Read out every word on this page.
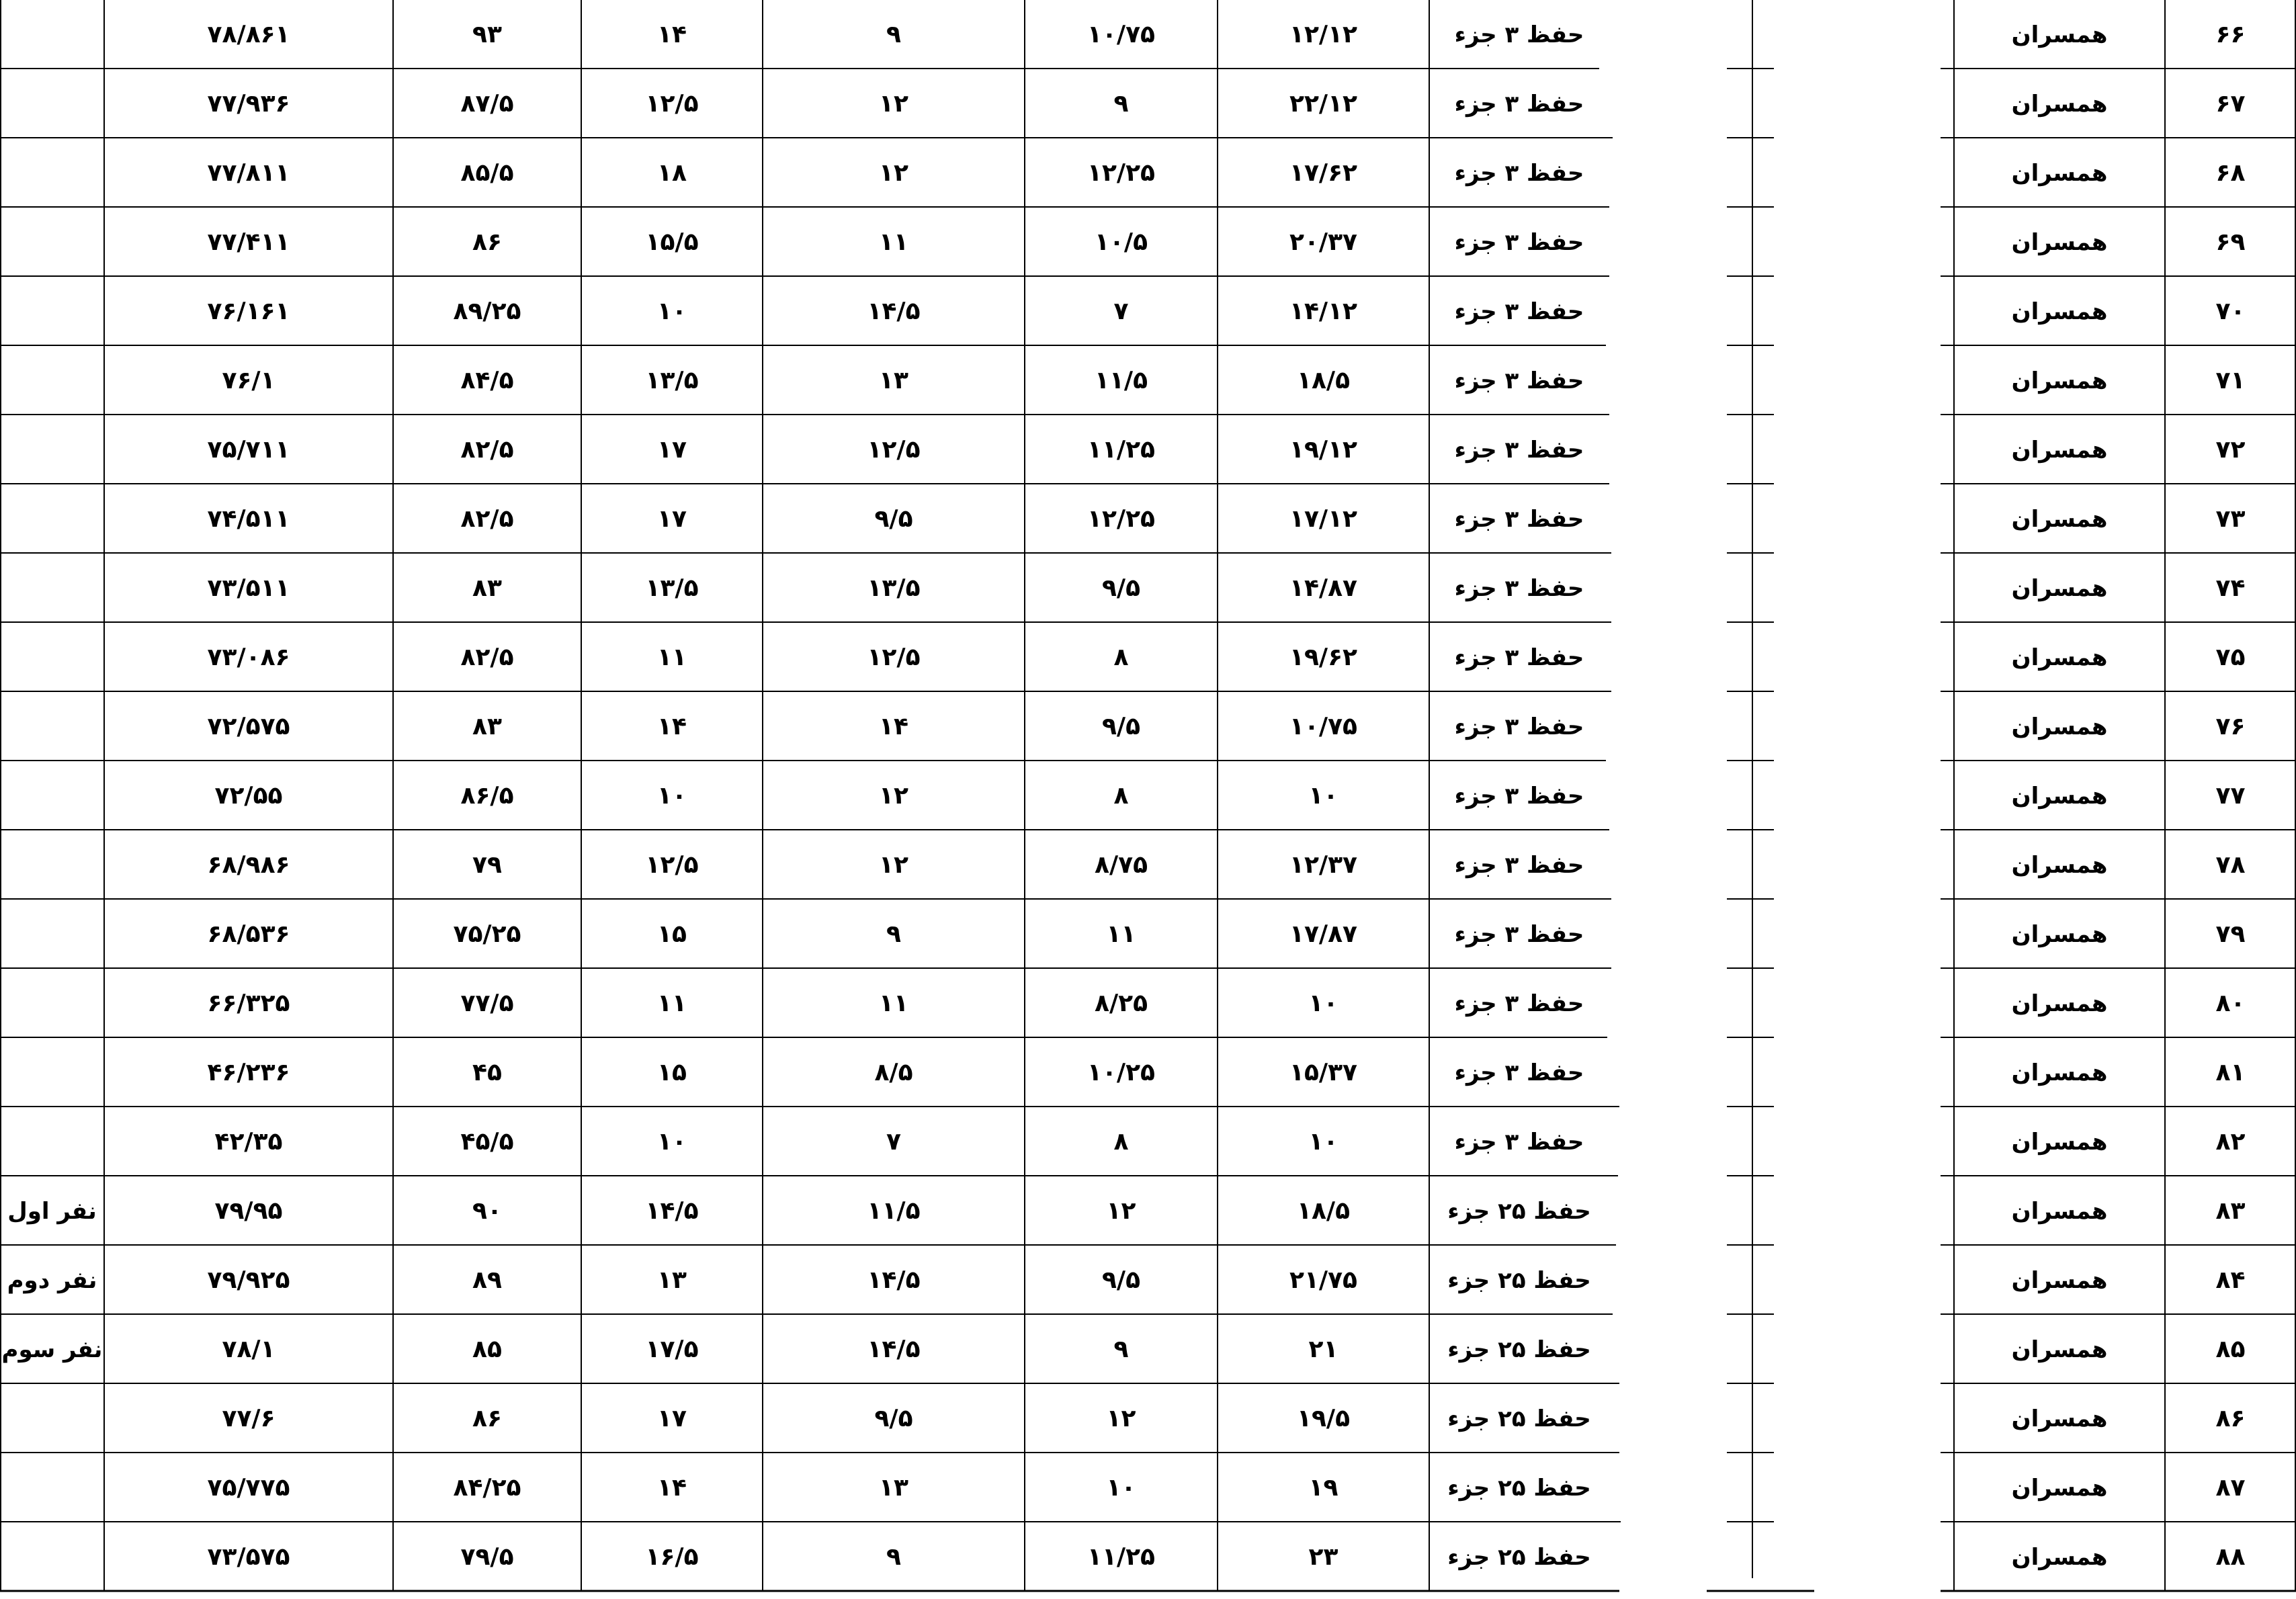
۷۸/۸۶۱	۹۳	۱۴	۹	۱۰/۷۵	۱۲/۱۲	حفظ ۳ جزء	همسران	۶۶
۷۷/۹۳۶	۸۷/۵	۱۲/۵	۱۲	۹	۲۲/۱۲	حفظ ۳ جزء	همسران	۶۷
۷۷/۸۱۱	۸۵/۵	۱۸	۱۲	۱۲/۲۵	۱۷/۶۲	حفظ ۳ جزء	همسران	۶۸
۷۷/۴۱۱	۸۶	۱۵/۵	۱۱	۱۰/۵	۲۰/۳۷	حفظ ۳ جزء	همسران	۶۹
۷۶/۱۶۱	۸۹/۲۵	۱۰	۱۴/۵	۷	۱۴/۱۲	حفظ ۳ جزء	همسران	۷۰
۷۶/۱	۸۴/۵	۱۳/۵	۱۳	۱۱/۵	۱۸/۵	حفظ ۳ جزء	همسران	۷۱
۷۵/۷۱۱	۸۲/۵	۱۷	۱۲/۵	۱۱/۲۵	۱۹/۱۲	حفظ ۳ جزء	همسران	۷۲
۷۴/۵۱۱	۸۲/۵	۱۷	۹/۵	۱۲/۲۵	۱۷/۱۲	حفظ ۳ جزء	همسران	۷۳
۷۳/۵۱۱	۸۳	۱۳/۵	۱۳/۵	۹/۵	۱۴/۸۷	حفظ ۳ جزء	همسران	۷۴
۷۳/۰۸۶	۸۲/۵	۱۱	۱۲/۵	۸	۱۹/۶۲	حفظ ۳ جزء	همسران	۷۵
۷۲/۵۷۵	۸۳	۱۴	۱۴	۹/۵	۱۰/۷۵	حفظ ۳ جزء	همسران	۷۶
۷۲/۵۵	۸۶/۵	۱۰	۱۲	۸	۱۰	حفظ ۳ جزء	همسران	۷۷
۶۸/۹۸۶	۷۹	۱۲/۵	۱۲	۸/۷۵	۱۲/۳۷	حفظ ۳ جزء	همسران	۷۸
۶۸/۵۳۶	۷۵/۲۵	۱۵	۹	۱۱	۱۷/۸۷	حفظ ۳ جزء	همسران	۷۹
۶۶/۳۲۵	۷۷/۵	۱۱	۱۱	۸/۲۵	۱۰	حفظ ۳ جزء	همسران	۸۰
۴۶/۲۳۶	۴۵	۱۵	۸/۵	۱۰/۲۵	۱۵/۳۷	حفظ ۳ جزء	همسران	۸۱
۴۲/۳۵	۴۵/۵	۱۰	۷	۸	۱۰	حفظ ۳ جزء	همسران	۸۲
نفر اول	۷۹/۹۵	۹۰	۱۴/۵	۱۱/۵	۱۲	۱۸/۵	حفظ ۲۵ جزء	همسران	۸۳
نفر دوم	۷۹/۹۲۵	۸۹	۱۳	۱۴/۵	۹/۵	۲۱/۷۵	حفظ ۲۵ جزء	همسران	۸۴
نفر سوم	۷۸/۱	۸۵	۱۷/۵	۱۴/۵	۹	۲۱	حفظ ۲۵ جزء	همسران	۸۵
۷۷/۶	۸۶	۱۷	۹/۵	۱۲	۱۹/۵	حفظ ۲۵ جزء	همسران	۸۶
۷۵/۷۷۵	۸۴/۲۵	۱۴	۱۳	۱۰	۱۹	حفظ ۲۵ جزء	همسران	۸۷
۷۳/۵۷۵	۷۹/۵	۱۶/۵	۹	۱۱/۲۵	۲۳	حفظ ۲۵ جزء	همسران	۸۸
